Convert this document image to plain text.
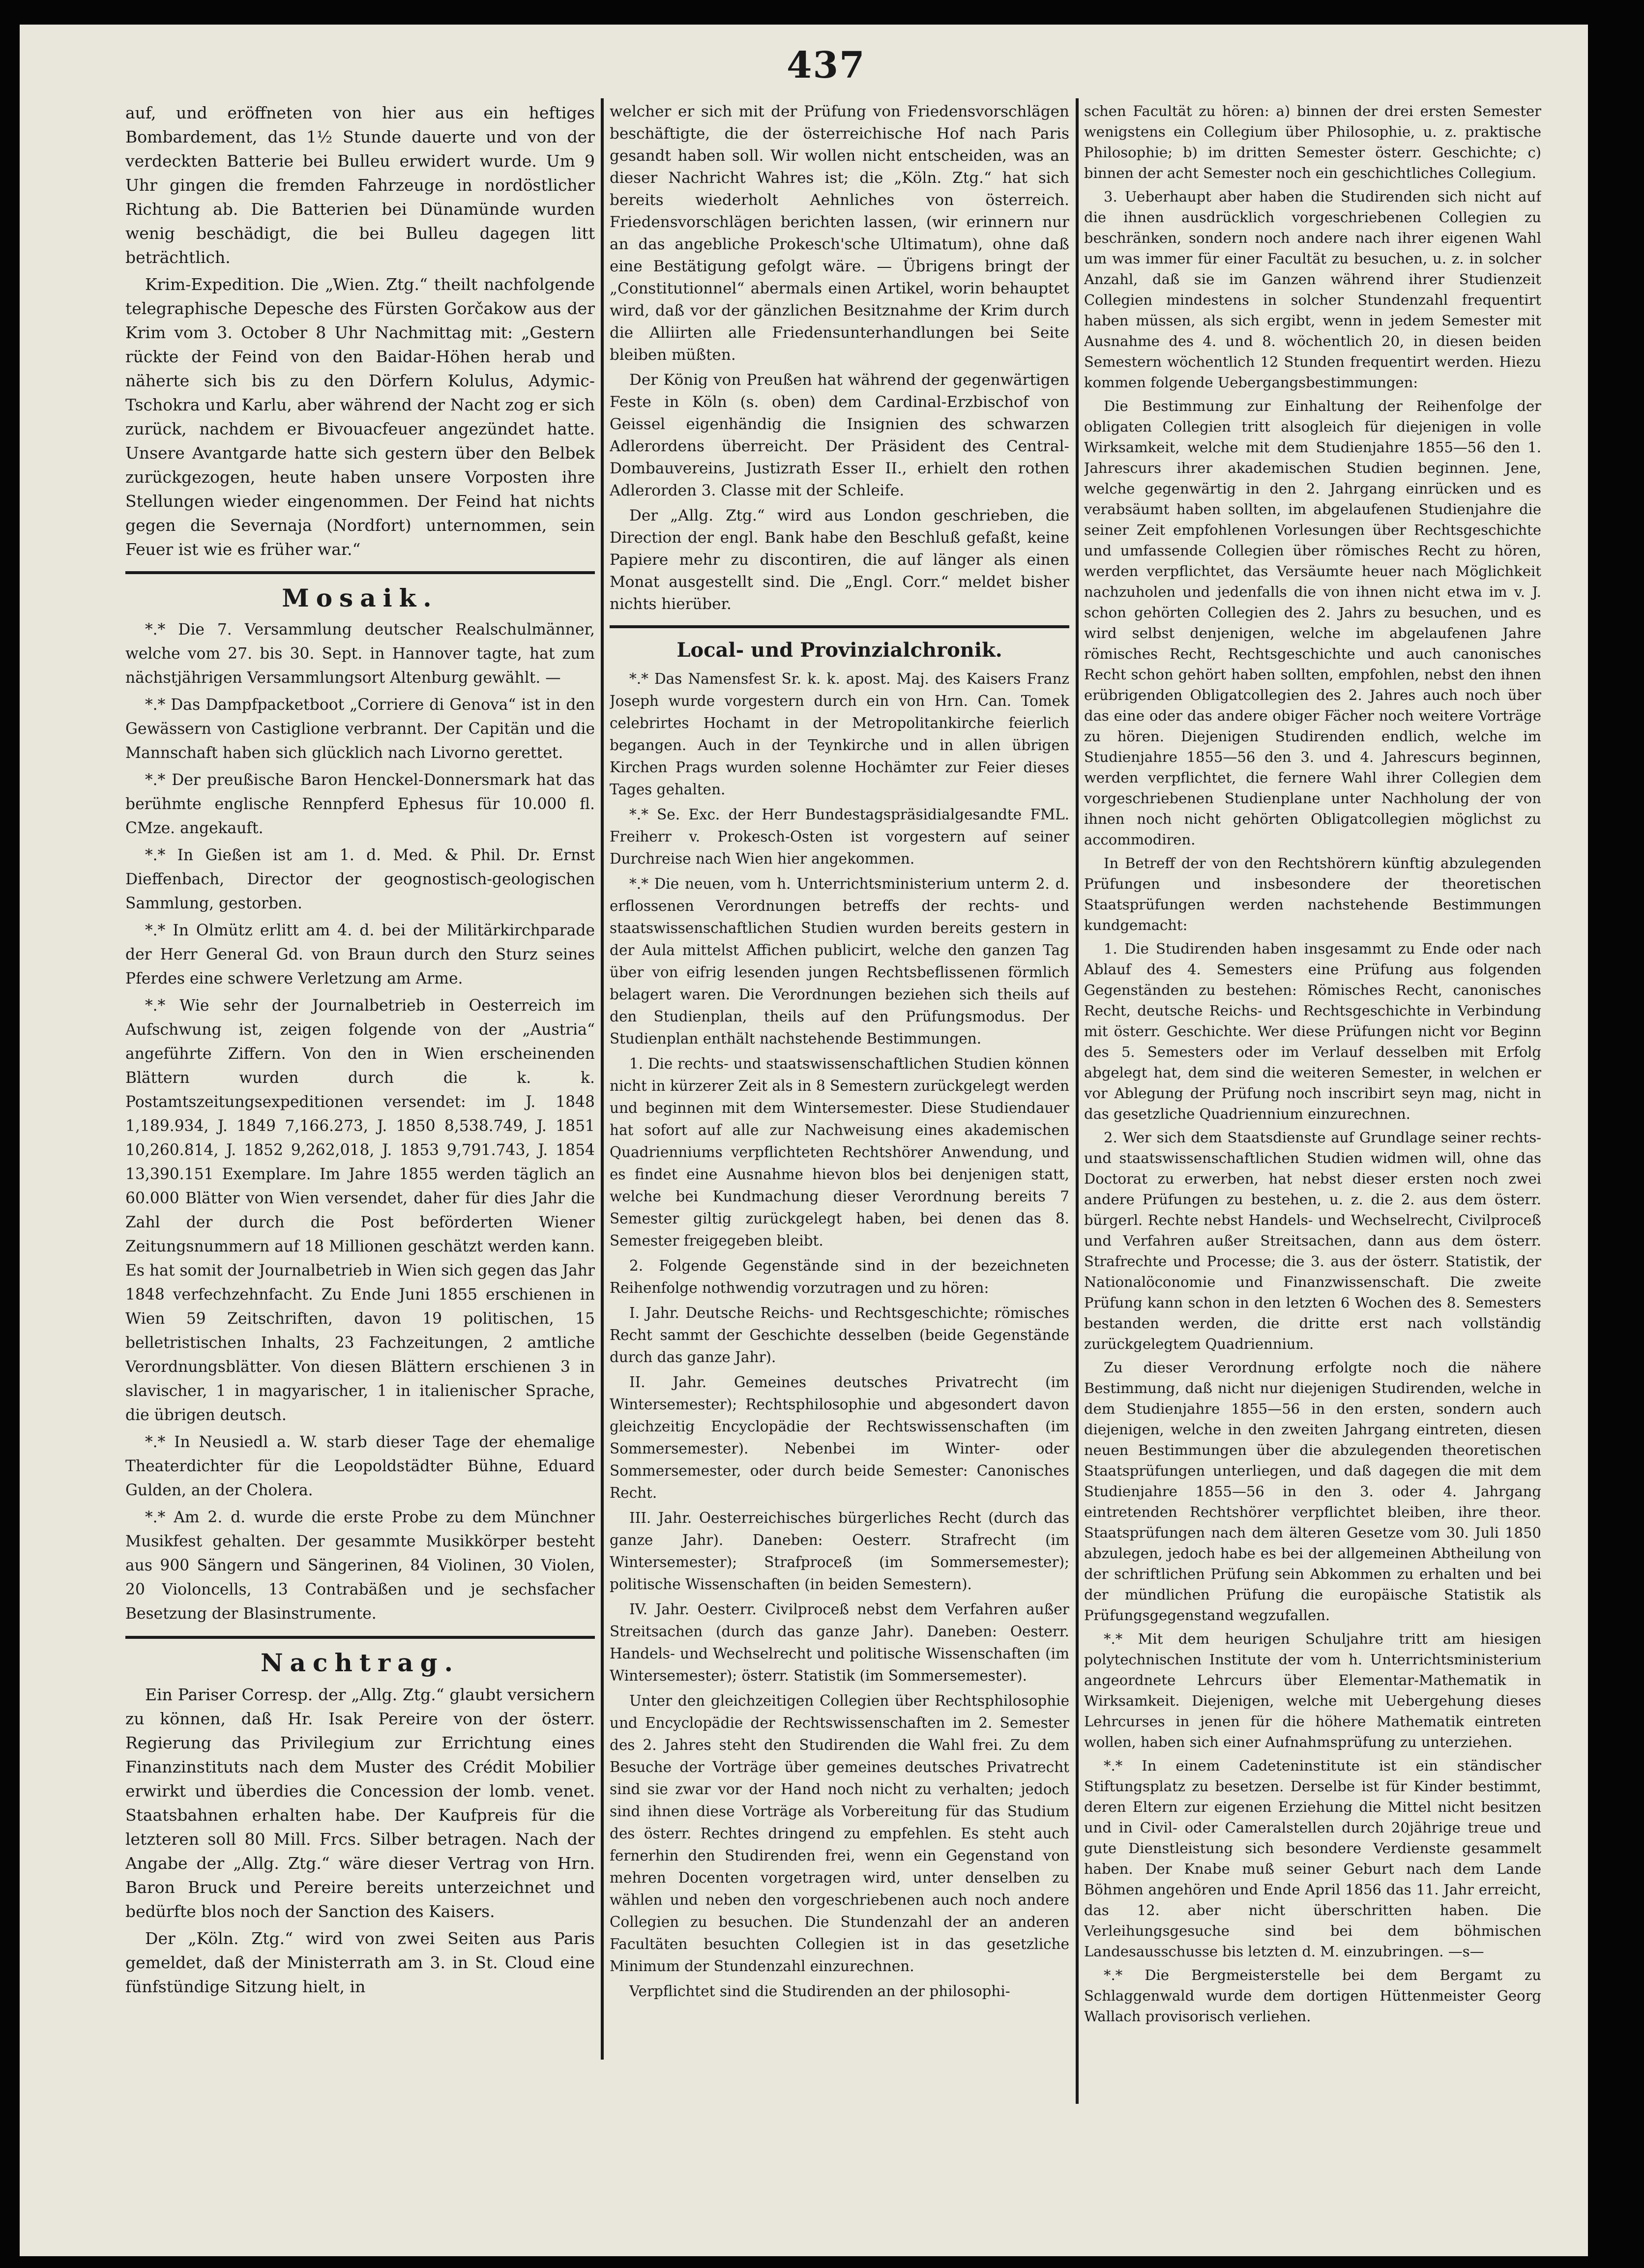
437

auf, und eröffneten von hier aus ein heftiges Bombardement, das 1½ Stunde dauerte und von der verdeckten Batterie bei Bulleu erwidert wurde. Um 9 Uhr gingen die fremden Fahrzeuge in nordöstlicher Richtung ab. Die Batterien bei Dünamünde wurden wenig beschädigt, die bei Bulleu dagegen litt beträchtlich.

Krim-Expedition. Die „Wien. Ztg.“ theilt nachfolgende telegraphische Depesche des Fürsten Gorčakow aus der Krim vom 3. October 8 Uhr Nachmittag mit: „Gestern rückte der Feind von den Baidar-Höhen herab und näherte sich bis zu den Dörfern Kolulus, Adymic-Tschokra und Karlu, aber während der Nacht zog er sich zurück, nachdem er Bivouacfeuer angezündet hatte. Unsere Avantgarde hatte sich gestern über den Belbek zurückgezogen, heute haben unsere Vorposten ihre Stellungen wieder eingenommen. Der Feind hat nichts gegen die Severnaja (Nordfort) unternommen, sein Feuer ist wie es früher war.“

Mosaik.

*.* Die 7. Versammlung deutscher Realschulmänner, welche vom 27. bis 30. Sept. in Hannover tagte, hat zum nächstjährigen Versammlungsort Altenburg gewählt. —

*.* Das Dampfpacketboot „Corriere di Genova“ ist in den Gewässern von Castiglione verbrannt. Der Capitän und die Mannschaft haben sich glücklich nach Livorno gerettet.

*.* Der preußische Baron Henckel-Donnersmark hat das berühmte englische Rennpferd Ephesus für 10.000 fl. CMze. angekauft.

*.* In Gießen ist am 1. d. Med. & Phil. Dr. Ernst Dieffenbach, Director der geognostisch-geologischen Sammlung, gestorben.

*.* In Olmütz erlitt am 4. d. bei der Militärkirchparade der Herr General Gd. von Braun durch den Sturz seines Pferdes eine schwere Verletzung am Arme.

*.* Wie sehr der Journalbetrieb in Oesterreich im Aufschwung ist, zeigen folgende von der „Austria“ angeführte Ziffern. Von den in Wien erscheinenden Blättern wurden durch die k. k. Postamtszeitungsexpeditionen versendet: im J. 1848 1,189.934, J. 1849 7,166.273, J. 1850 8,538.749, J. 1851 10,260.814, J. 1852 9,262,018, J. 1853 9,791.743, J. 1854 13,390.151 Exemplare. Im Jahre 1855 werden täglich an 60.000 Blätter von Wien versendet, daher für dies Jahr die Zahl der durch die Post beförderten Wiener Zeitungsnummern auf 18 Millionen geschätzt werden kann. Es hat somit der Journalbetrieb in Wien sich gegen das Jahr 1848 verfechzehnfacht. Zu Ende Juni 1855 erschienen in Wien 59 Zeitschriften, davon 19 politischen, 15 belletristischen Inhalts, 23 Fachzeitungen, 2 amtliche Verordnungsblätter. Von diesen Blättern erschienen 3 in slavischer, 1 in magyarischer, 1 in italienischer Sprache, die übrigen deutsch.

*.* In Neusiedl a. W. starb dieser Tage der ehemalige Theaterdichter für die Leopoldstädter Bühne, Eduard Gulden, an der Cholera.

*.* Am 2. d. wurde die erste Probe zu dem Münchner Musikfest gehalten. Der gesammte Musikkörper besteht aus 900 Sängern und Sängerinen, 84 Violinen, 30 Violen, 20 Violoncells, 13 Contrabäßen und je sechsfacher Besetzung der Blasinstrumente.

Nachtrag.

Ein Pariser Corresp. der „Allg. Ztg.“ glaubt versichern zu können, daß Hr. Isak Pereire von der österr. Regierung das Privilegium zur Errichtung eines Finanzinstituts nach dem Muster des Crédit Mobilier erwirkt und überdies die Concession der lomb. venet. Staatsbahnen erhalten habe. Der Kaufpreis für die letzteren soll 80 Mill. Frcs. Silber betragen. Nach der Angabe der „Allg. Ztg.“ wäre dieser Vertrag von Hrn. Baron Bruck und Pereire bereits unterzeichnet und bedürfte blos noch der Sanction des Kaisers.

Der „Köln. Ztg.“ wird von zwei Seiten aus Paris gemeldet, daß der Ministerrath am 3. in St. Cloud eine fünfstündige Sitzung hielt, in

welcher er sich mit der Prüfung von Friedensvorschlägen beschäftigte, die der österreichische Hof nach Paris gesandt haben soll. Wir wollen nicht entscheiden, was an dieser Nachricht Wahres ist; die „Köln. Ztg.“ hat sich bereits wiederholt Aehnliches von österreich. Friedensvorschlägen berichten lassen, (wir erinnern nur an das angebliche Prokesch'sche Ultimatum), ohne daß eine Bestätigung gefolgt wäre. — Übrigens bringt der „Constitutionnel“ abermals einen Artikel, worin behauptet wird, daß vor der gänzlichen Besitznahme der Krim durch die Alliirten alle Friedensunterhandlungen bei Seite bleiben müßten.

Der König von Preußen hat während der gegenwärtigen Feste in Köln (s. oben) dem Cardinal-Erzbischof von Geissel eigenhändig die Insignien des schwarzen Adlerordens überreicht. Der Präsident des Central-Dombauvereins, Justizrath Esser II., erhielt den rothen Adlerorden 3. Classe mit der Schleife.

Der „Allg. Ztg.“ wird aus London geschrieben, die Direction der engl. Bank habe den Beschluß gefaßt, keine Papiere mehr zu discontiren, die auf länger als einen Monat ausgestellt sind. Die „Engl. Corr.“ meldet bisher nichts hierüber.

Local- und Provinzialchronik.

*.* Das Namensfest Sr. k. k. apost. Maj. des Kaisers Franz Joseph wurde vorgestern durch ein von Hrn. Can. Tomek celebrirtes Hochamt in der Metropolitankirche feierlich begangen. Auch in der Teynkirche und in allen übrigen Kirchen Prags wurden solenne Hochämter zur Feier dieses Tages gehalten.

*.* Se. Exc. der Herr Bundestagspräsidialgesandte FML. Freiherr v. Prokesch-Osten ist vorgestern auf seiner Durchreise nach Wien hier angekommen.

*.* Die neuen, vom h. Unterrichtsministerium unterm 2. d. erflossenen Verordnungen betreffs der rechts- und staatswissenschaftlichen Studien wurden bereits gestern in der Aula mittelst Affichen publicirt, welche den ganzen Tag über von eifrig lesenden jungen Rechtsbeflissenen förmlich belagert waren. Die Verordnungen beziehen sich theils auf den Studienplan, theils auf den Prüfungsmodus. Der Studienplan enthält nachstehende Bestimmungen.

1. Die rechts- und staatswissenschaftlichen Studien können nicht in kürzerer Zeit als in 8 Semestern zurückgelegt werden und beginnen mit dem Wintersemester. Diese Studiendauer hat sofort auf alle zur Nachweisung eines akademischen Quadrienniums verpflichteten Rechtshörer Anwendung, und es findet eine Ausnahme hievon blos bei denjenigen statt, welche bei Kundmachung dieser Verordnung bereits 7 Semester giltig zurückgelegt haben, bei denen das 8. Semester freigegeben bleibt.

2. Folgende Gegenstände sind in der bezeichneten Reihenfolge nothwendig vorzutragen und zu hören:

I. Jahr. Deutsche Reichs- und Rechtsgeschichte; römisches Recht sammt der Geschichte desselben (beide Gegenstände durch das ganze Jahr).

II. Jahr. Gemeines deutsches Privatrecht (im Wintersemester); Rechtsphilosophie und abgesondert davon gleichzeitig Encyclopädie der Rechtswissenschaften (im Sommersemester). Nebenbei im Winter- oder Sommersemester, oder durch beide Semester: Canonisches Recht.

III. Jahr. Oesterreichisches bürgerliches Recht (durch das ganze Jahr). Daneben: Oesterr. Strafrecht (im Wintersemester); Strafproceß (im Sommersemester); politische Wissenschaften (in beiden Semestern).

IV. Jahr. Oesterr. Civilproceß nebst dem Verfahren außer Streitsachen (durch das ganze Jahr). Daneben: Oesterr. Handels- und Wechselrecht und politische Wissenschaften (im Wintersemester); österr. Statistik (im Sommersemester).

Unter den gleichzeitigen Collegien über Rechtsphilosophie und Encyclopädie der Rechtswissenschaften im 2. Semester des 2. Jahres steht den Studirenden die Wahl frei. Zu dem Besuche der Vorträge über gemeines deutsches Privatrecht sind sie zwar vor der Hand noch nicht zu verhalten; jedoch sind ihnen diese Vorträge als Vorbereitung für das Studium des österr. Rechtes dringend zu empfehlen. Es steht auch fernerhin den Studirenden frei, wenn ein Gegenstand von mehren Docenten vorgetragen wird, unter denselben zu wählen und neben den vorgeschriebenen auch noch andere Collegien zu besuchen. Die Stundenzahl der an anderen Facultäten besuchten Collegien ist in das gesetzliche Minimum der Stundenzahl einzurechnen.

Verpflichtet sind die Studirenden an der philosophi-

schen Facultät zu hören: a) binnen der drei ersten Semester wenigstens ein Collegium über Philosophie, u. z. praktische Philosophie; b) im dritten Semester österr. Geschichte; c) binnen der acht Semester noch ein geschichtliches Collegium.

3. Ueberhaupt aber haben die Studirenden sich nicht auf die ihnen ausdrücklich vorgeschriebenen Collegien zu beschränken, sondern noch andere nach ihrer eigenen Wahl um was immer für einer Facultät zu besuchen, u. z. in solcher Anzahl, daß sie im Ganzen während ihrer Studienzeit Collegien mindestens in solcher Stundenzahl frequentirt haben müssen, als sich ergibt, wenn in jedem Semester mit Ausnahme des 4. und 8. wöchentlich 20, in diesen beiden Semestern wöchentlich 12 Stunden frequentirt werden. Hiezu kommen folgende Uebergangsbestimmungen:

Die Bestimmung zur Einhaltung der Reihenfolge der obligaten Collegien tritt alsogleich für diejenigen in volle Wirksamkeit, welche mit dem Studienjahre 1855—56 den 1. Jahrescurs ihrer akademischen Studien beginnen. Jene, welche gegenwärtig in den 2. Jahrgang einrücken und es verabsäumt haben sollten, im abgelaufenen Studienjahre die seiner Zeit empfohlenen Vorlesungen über Rechtsgeschichte und umfassende Collegien über römisches Recht zu hören, werden verpflichtet, das Versäumte heuer nach Möglichkeit nachzuholen und jedenfalls die von ihnen nicht etwa im v. J. schon gehörten Collegien des 2. Jahrs zu besuchen, und es wird selbst denjenigen, welche im abgelaufenen Jahre römisches Recht, Rechtsgeschichte und auch canonisches Recht schon gehört haben sollten, empfohlen, nebst den ihnen erübrigenden Obligatcollegien des 2. Jahres auch noch über das eine oder das andere obiger Fächer noch weitere Vorträge zu hören. Diejenigen Studirenden endlich, welche im Studienjahre 1855—56 den 3. und 4. Jahrescurs beginnen, werden verpflichtet, die fernere Wahl ihrer Collegien dem vorgeschriebenen Studienplane unter Nachholung der von ihnen noch nicht gehörten Obligatcollegien möglichst zu accommodiren.

In Betreff der von den Rechtshörern künftig abzulegenden Prüfungen und insbesondere der theoretischen Staatsprüfungen werden nachstehende Bestimmungen kundgemacht:

1. Die Studirenden haben insgesammt zu Ende oder nach Ablauf des 4. Semesters eine Prüfung aus folgenden Gegenständen zu bestehen: Römisches Recht, canonisches Recht, deutsche Reichs- und Rechtsgeschichte in Verbindung mit österr. Geschichte. Wer diese Prüfungen nicht vor Beginn des 5. Semesters oder im Verlauf desselben mit Erfolg abgelegt hat, dem sind die weiteren Semester, in welchen er vor Ablegung der Prüfung noch inscribirt seyn mag, nicht in das gesetzliche Quadriennium einzurechnen.

2. Wer sich dem Staatsdienste auf Grundlage seiner rechts- und staatswissenschaftlichen Studien widmen will, ohne das Doctorat zu erwerben, hat nebst dieser ersten noch zwei andere Prüfungen zu bestehen, u. z. die 2. aus dem österr. bürgerl. Rechte nebst Handels- und Wechselrecht, Civilproceß und Verfahren außer Streitsachen, dann aus dem österr. Strafrechte und Processe; die 3. aus der österr. Statistik, der Nationalöconomie und Finanzwissenschaft. Die zweite Prüfung kann schon in den letzten 6 Wochen des 8. Semesters bestanden werden, die dritte erst nach vollständig zurückgelegtem Quadriennium.

Zu dieser Verordnung erfolgte noch die nähere Bestimmung, daß nicht nur diejenigen Studirenden, welche in dem Studienjahre 1855—56 in den ersten, sondern auch diejenigen, welche in den zweiten Jahrgang eintreten, diesen neuen Bestimmungen über die abzulegenden theoretischen Staatsprüfungen unterliegen, und daß dagegen die mit dem Studienjahre 1855—56 in den 3. oder 4. Jahrgang eintretenden Rechtshörer verpflichtet bleiben, ihre theor. Staatsprüfungen nach dem älteren Gesetze vom 30. Juli 1850 abzulegen, jedoch habe es bei der allgemeinen Abtheilung von der schriftlichen Prüfung sein Abkommen zu erhalten und bei der mündlichen Prüfung die europäische Statistik als Prüfungsgegenstand wegzufallen.

*.* Mit dem heurigen Schuljahre tritt am hiesigen polytechnischen Institute der vom h. Unterrichtsministerium angeordnete Lehrcurs über Elementar-Mathematik in Wirksamkeit. Diejenigen, welche mit Uebergehung dieses Lehrcurses in jenen für die höhere Mathematik eintreten wollen, haben sich einer Aufnahmsprüfung zu unterziehen.

*.* In einem Cadeteninstitute ist ein ständischer Stiftungsplatz zu besetzen. Derselbe ist für Kinder bestimmt, deren Eltern zur eigenen Erziehung die Mittel nicht besitzen und in Civil- oder Cameralstellen durch 20jährige treue und gute Dienstleistung sich besondere Verdienste gesammelt haben. Der Knabe muß seiner Geburt nach dem Lande Böhmen angehören und Ende April 1856 das 11. Jahr erreicht, das 12. aber nicht überschritten haben. Die Verleihungsgesuche sind bei dem böhmischen Landesausschusse bis letzten d. M. einzubringen. —s—

*.* Die Bergmeisterstelle bei dem Bergamt zu Schlaggenwald wurde dem dortigen Hüttenmeister Georg Wallach provisorisch verliehen.
